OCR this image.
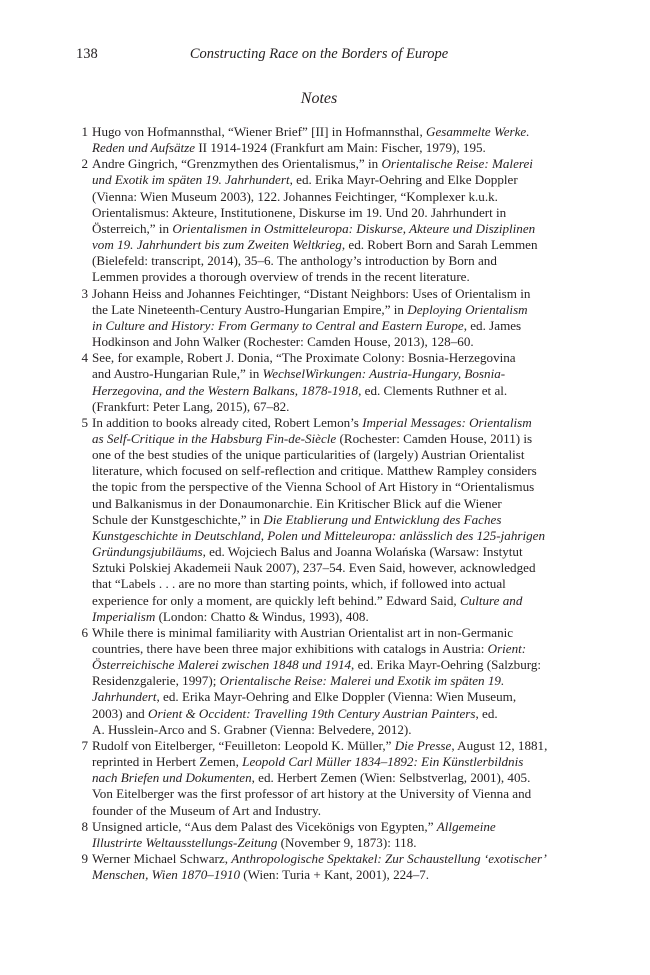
138	Constructing Race on the Borders of Europe
Notes
1 Hugo von Hofmannsthal, “Wiener Brief” [II] in Hofmannsthal, Gesammelte Werke.
Reden und Aufsätze II 1914-1924 (Frankfurt am Main: Fischer, 1979), 195.
2 Andre Gingrich, “Grenzmythen des Orientalismus,” in Orientalische Reise: Malerei
und Exotik im späten 19. Jahrhundert, ed. Erika Mayr-Oehring and Elke Doppler
(Vienna: Wien Museum 2003), 122. Johannes Feichtinger, “Komplexer k.u.k.
Orientalismus: Akteure, Institutionene, Diskurse im 19. Und 20. Jahrhundert in
Österreich,” in Orientalismen in Ostmitteleuropa: Diskurse, Akteure und Disziplinen
vom 19. Jahrhundert bis zum Zweiten Weltkrieg, ed. Robert Born and Sarah Lemmen
(Bielefeld: transcript, 2014), 35–6. The anthology’s introduction by Born and
Lemmen provides a thorough overview of trends in the recent literature.
3 Johann Heiss and Johannes Feichtinger, “Distant Neighbors: Uses of Orientalism in
the Late Nineteenth-Century Austro-Hungarian Empire,” in Deploying Orientalism
in Culture and History: From Germany to Central and Eastern Europe, ed. James
Hodkinson and John Walker (Rochester: Camden House, 2013), 128–60.
4 See, for example, Robert J. Donia, “The Proximate Colony: Bosnia-Herzegovina
and Austro-Hungarian Rule,” in WechselWirkungen: Austria-Hungary, Bosnia-
Herzegovina, and the Western Balkans, 1878-1918, ed. Clements Ruthner et al.
(Frankfurt: Peter Lang, 2015), 67–82.
5 In addition to books already cited, Robert Lemon’s Imperial Messages: Orientalism
as Self-Critique in the Habsburg Fin-de-Siècle (Rochester: Camden House, 2011) is
one of the best studies of the unique particularities of (largely) Austrian Orientalist
literature, which focused on self-reflection and critique. Matthew Rampley considers
the topic from the perspective of the Vienna School of Art History in “Orientalismus
und Balkanismus in der Donaumonarchie. Ein Kritischer Blick auf die Wiener
Schule der Kunstgeschichte,” in Die Etablierung und Entwicklung des Faches
Kunstgeschichte in Deutschland, Polen und Mitteleuropa: anlässlich des 125-jahrigen
Gründungsjubiläums, ed. Wojciech Balus and Joanna Wolańska (Warsaw: Instytut
Sztuki Polskiej Akademeii Nauk 2007), 237–54. Even Said, however, acknowledged
that “Labels . . . are no more than starting points, which, if followed into actual
experience for only a moment, are quickly left behind.” Edward Said, Culture and
Imperialism (London: Chatto & Windus, 1993), 408.
6 While there is minimal familiarity with Austrian Orientalist art in non-Germanic
countries, there have been three major exhibitions with catalogs in Austria: Orient:
Österreichische Malerei zwischen 1848 und 1914, ed. Erika Mayr-Oehring (Salzburg:
Residenzgalerie, 1997); Orientalische Reise: Malerei und Exotik im späten 19.
Jahrhundert, ed. Erika Mayr-Oehring and Elke Doppler (Vienna: Wien Museum,
2003) and Orient & Occident: Travelling 19th Century Austrian Painters, ed.
A. Husslein-Arco and S. Grabner (Vienna: Belvedere, 2012).
7 Rudolf von Eitelberger, “Feuilleton: Leopold K. Müller,” Die Presse, August 12, 1881,
reprinted in Herbert Zemen, Leopold Carl Müller 1834–1892: Ein Künstlerbildnis
nach Briefen und Dokumenten, ed. Herbert Zemen (Wien: Selbstverlag, 2001), 405.
Von Eitelberger was the first professor of art history at the University of Vienna and
founder of the Museum of Art and Industry.
8 Unsigned article, “Aus dem Palast des Vicekönigs von Egypten,” Allgemeine
Illustrirte Weltausstellungs-Zeitung (November 9, 1873): 118.
9 Werner Michael Schwarz, Anthropologische Spektakel: Zur Schaustellung ‘exotischer’
Menschen, Wien 1870–1910 (Wien: Turia + Kant, 2001), 224–7.
